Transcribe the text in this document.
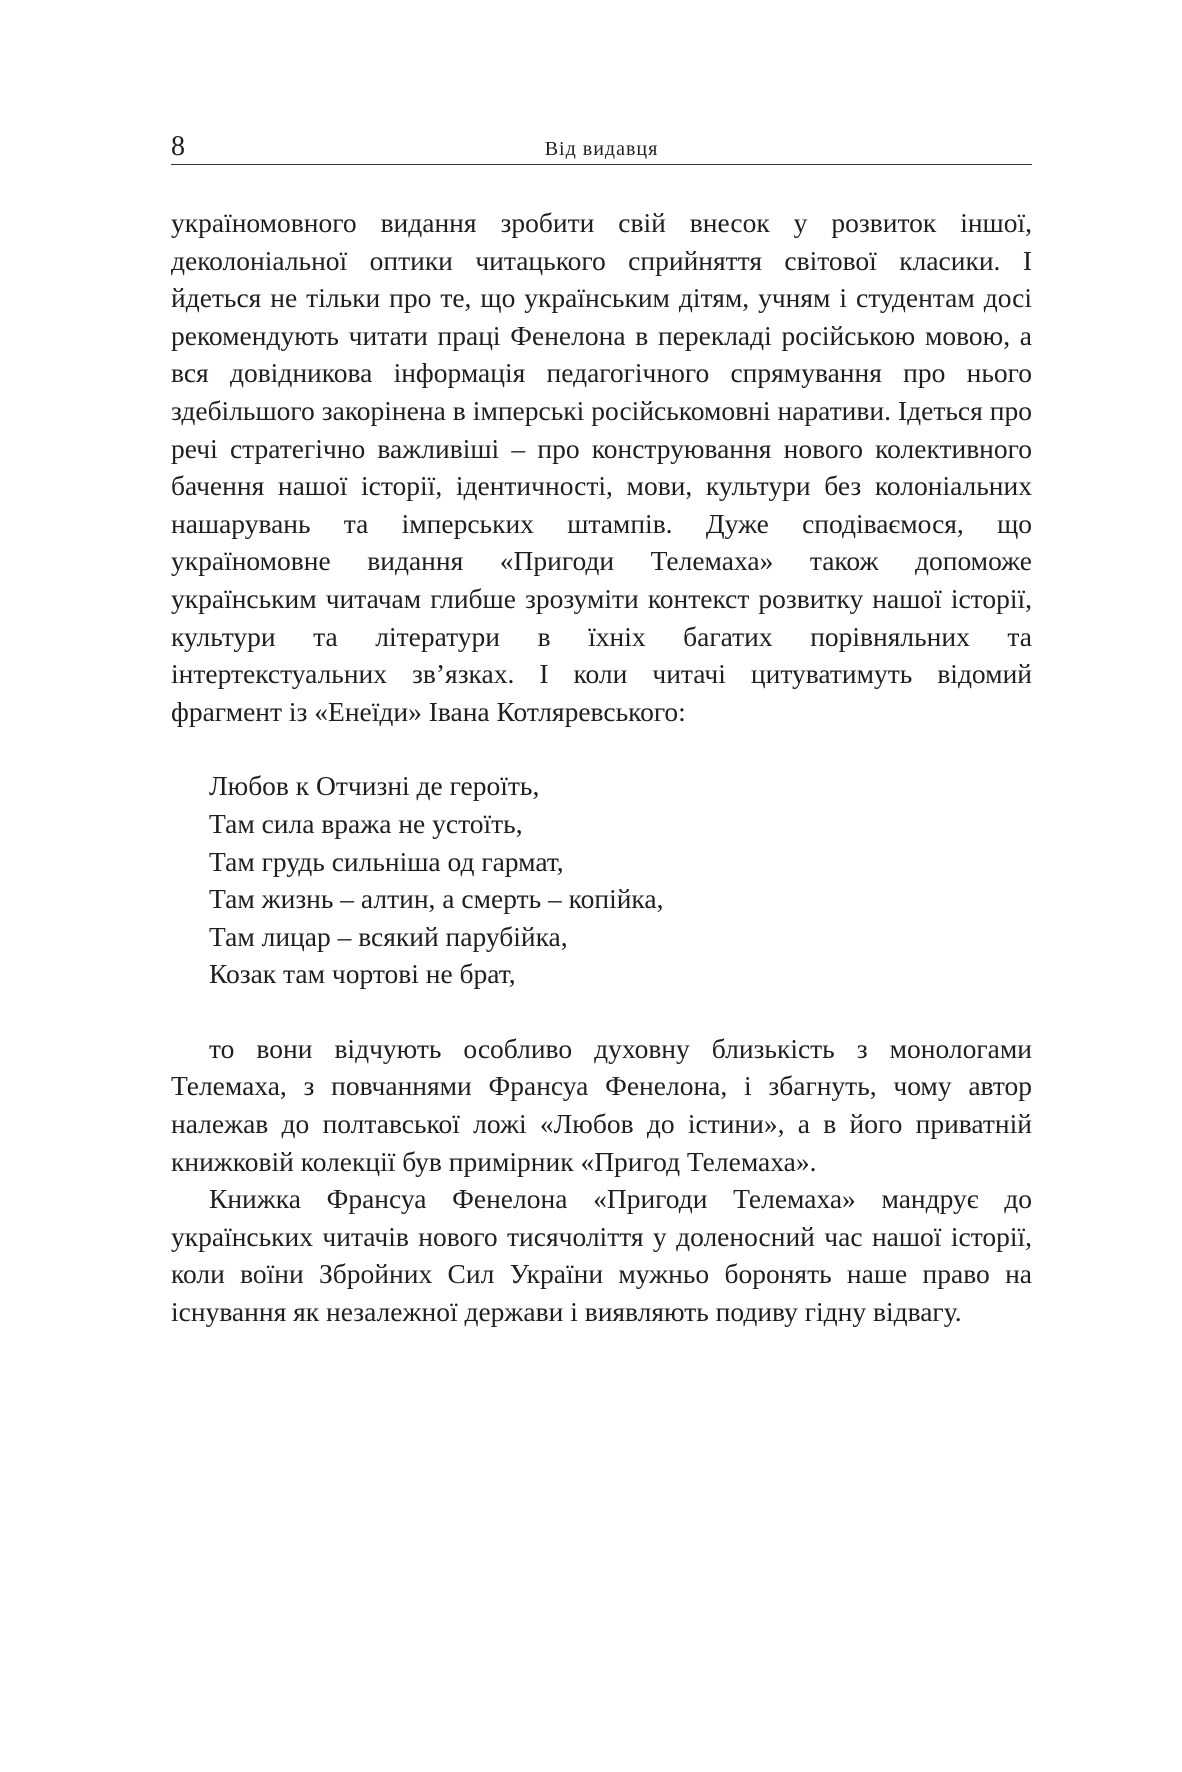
8	Від видавця

україномовного видання зробити свій внесок у розвиток іншої, деколоніальної оптики читацького сприйняття світової класики. І йдеться не тільки про те, що українським дітям, учням і студентам досі рекомендують читати праці Фенелона в перекладі російською мовою, а вся довідникова інформація педагогічного спрямування про нього здебільшого закорінена в імперські російськомовні наративи. Ідеться про речі стратегічно важливіші – про конструювання нового колективного бачення нашої історії, ідентичності, мови, культури без колоніальних нашарувань та імперських штампів. Дуже сподіваємося, що україномовне видання «Пригоди Телемаха» також допоможе українським читачам глибше зрозуміти контекст розвитку нашої історії, культури та літератури в їхніх багатих порівняльних та інтертекстуальних зв’язках. І коли читачі цитуватимуть відомий фрагмент із «Енеїди» Івана Котляревського:

Любов к Отчизні де героїть,
Там сила вража не устоїть,
Там грудь сильніша од гармат,
Там жизнь – алтин, а смерть – копійка,
Там лицар – всякий парубійка,
Козак там чортові не брат,

то вони відчують особливо духовну близькість з монологами Телемаха, з повчаннями Франсуа Фенелона, і збагнуть, чому автор належав до полтавської ложі «Любов до істини», а в його приватній книжковій колекції був примірник «Пригод Телемаха».

Книжка Франсуа Фенелона «Пригоди Телемаха» мандрує до українських читачів нового тисячоліття у доленосний час нашої історії, коли воїни Збройних Сил України мужньо боронять наше право на існування як незалежної держави і виявляють подиву гідну відвагу.
